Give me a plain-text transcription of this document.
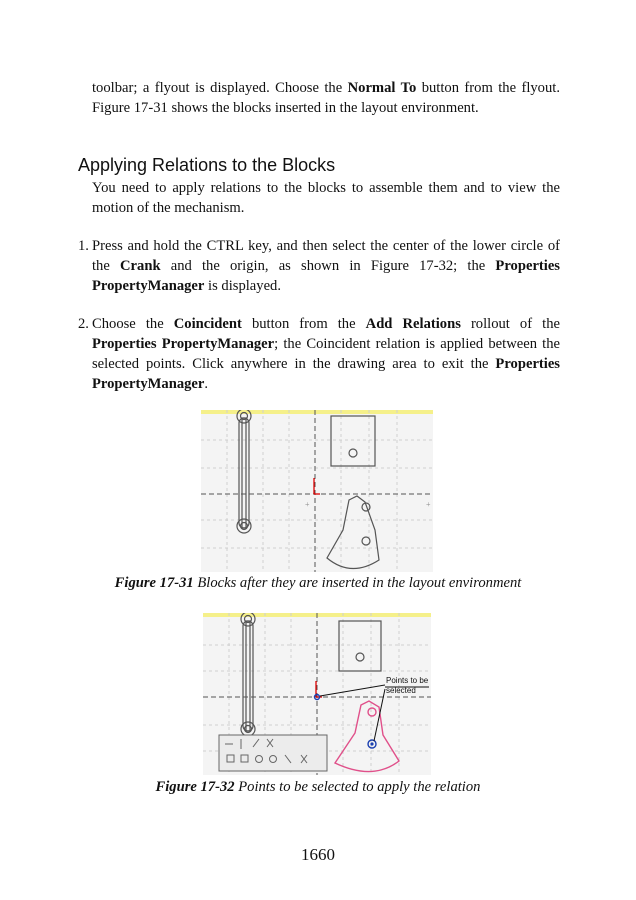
toolbar; a flyout is displayed. Choose the Normal To button from the flyout. Figure 17-31 shows the blocks inserted in the layout environment.

Applying Relations to the Blocks

You need to apply relations to the blocks to assemble them and to view the motion of the mechanism.

1. Press and hold the CTRL key, and then select the center of the lower circle of the Crank and the origin, as shown in Figure 17-32; the Properties PropertyManager is displayed.
2. Choose the Coincident button from the Add Relations rollout of the Properties PropertyManager; the Coincident relation is applied between the selected points. Click anywhere in the drawing area to exit the Properties PropertyManager.
+	+
Figure 17-31 Blocks after they are inserted in the layout environment
Points to be
selected
Figure 17-32 Points to be selected to apply the relation
1660
